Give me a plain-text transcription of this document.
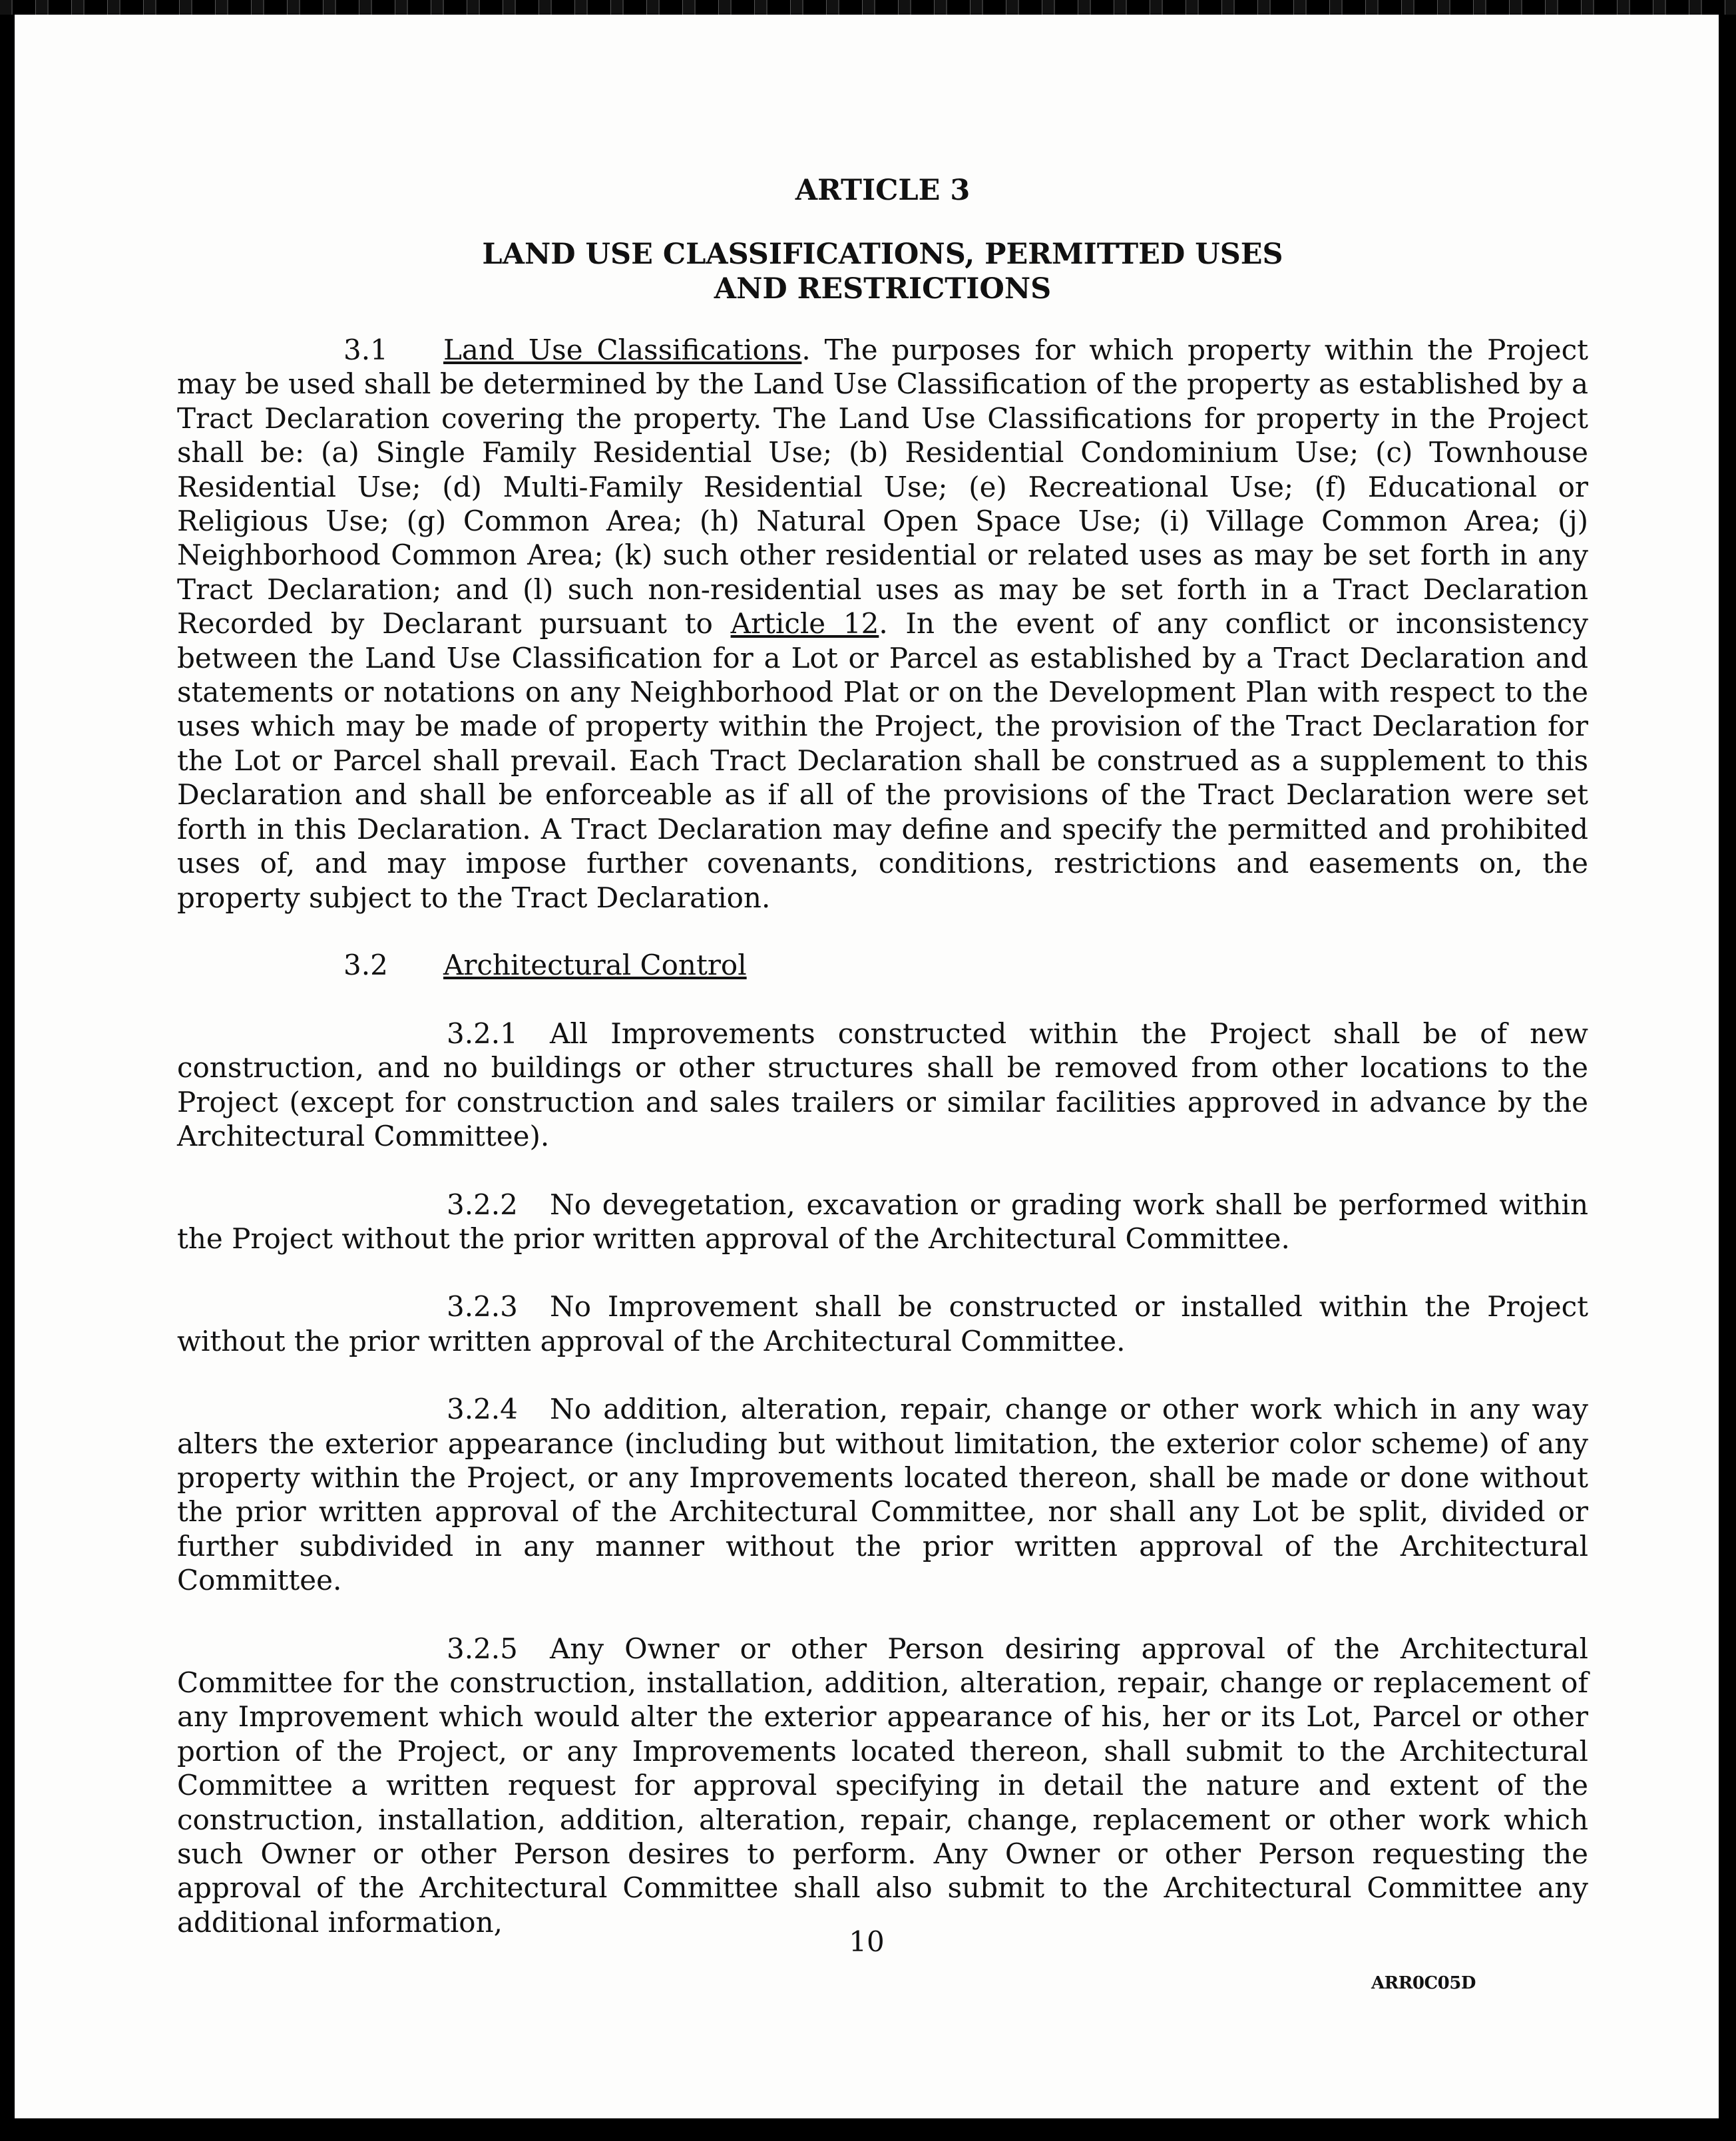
ARTICLE 3
LAND USE CLASSIFICATIONS, PERMITTED USES
AND RESTRICTIONS

3.1 Land Use Classifications. The purposes for which property within the Project may be used shall be determined by the Land Use Classification of the property as established by a Tract Declaration covering the property. The Land Use Classifications for property in the Project shall be: (a) Single Family Residential Use; (b) Residential Condominium Use; (c) Townhouse Residential Use; (d) Multi-Family Residential Use; (e) Recreational Use; (f) Educational or Religious Use; (g) Common Area; (h) Natural Open Space Use; (i) Village Common Area; (j) Neighborhood Common Area; (k) such other residential or related uses as may be set forth in any Tract Declaration; and (l) such non-residential uses as may be set forth in a Tract Declaration Recorded by Declarant pursuant to Article 12. In the event of any conflict or inconsistency between the Land Use Classification for a Lot or Parcel as established by a Tract Declaration and statements or notations on any Neighborhood Plat or on the Development Plan with respect to the uses which may be made of property within the Project, the provision of the Tract Declaration for the Lot or Parcel shall prevail. Each Tract Declaration shall be construed as a supplement to this Declaration and shall be enforceable as if all of the provisions of the Tract Declaration were set forth in this Declaration. A Tract Declaration may define and specify the permitted and prohibited uses of, and may impose further covenants, conditions, restrictions and easements on, the property subject to the Tract Declaration.

3.2 Architectural Control

3.2.1 All Improvements constructed within the Project shall be of new construction, and no buildings or other structures shall be removed from other locations to the Project (except for construction and sales trailers or similar facilities approved in advance by the Architectural Committee).

3.2.2 No devegetation, excavation or grading work shall be performed within the Project without the prior written approval of the Architectural Committee.

3.2.3 No Improvement shall be constructed or installed within the Project without the prior written approval of the Architectural Committee.

3.2.4 No addition, alteration, repair, change or other work which in any way alters the exterior appearance (including but without limitation, the exterior color scheme) of any property within the Project, or any Improvements located thereon, shall be made or done without the prior written approval of the Architectural Committee, nor shall any Lot be split, divided or further subdivided in any manner without the prior written approval of the Architectural Committee.

3.2.5 Any Owner or other Person desiring approval of the Architectural Committee for the construction, installation, addition, alteration, repair, change or replacement of any Improvement which would alter the exterior appearance of his, her or its Lot, Parcel or other portion of the Project, or any Improvements located thereon, shall submit to the Architectural Committee a written request for approval specifying in detail the nature and extent of the construction, installation, addition, alteration, repair, change, replacement or other work which such Owner or other Person desires to perform. Any Owner or other Person requesting the approval of the Architectural Committee shall also submit to the Architectural Committee any additional information,

10
ARR0C05D
